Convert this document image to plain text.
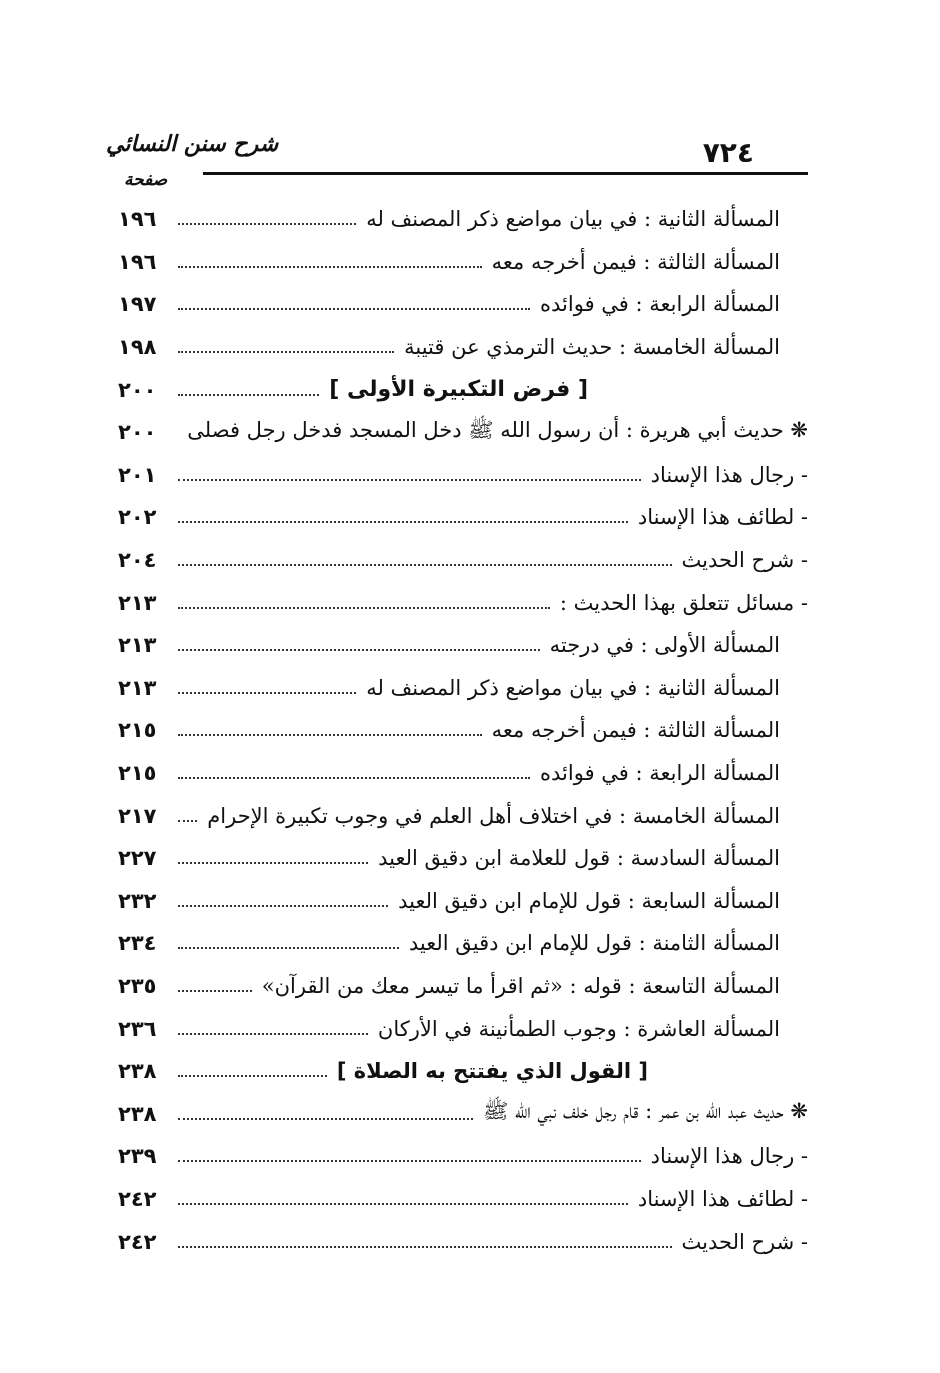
شرح سنن النسائي	٧٢٤
صفحة
المسألة الثانية : في بيان مواضع ذكر المصنف له
١٩٦
المسألة الثالثة : فيمن أخرجه معه
١٩٦
المسألة الرابعة : في فوائده
١٩٧
المسألة الخامسة : حديث الترمذي عن قتيبة
١٩٨
[ فرض التكبيرة الأولى ]
٢٠٠
❋ حديث أبي هريرة : أن رسول الله ﷺ دخل المسجد فدخل رجل فصلى
٢٠٠
- رجال هذا الإسناد
٢٠١
- لطائف هذا الإسناد
٢٠٢
- شرح الحديث
٢٠٤
- مسائل تتعلق بهذا الحديث :
٢١٣
المسألة الأولى : في درجته
٢١٣
المسألة الثانية : في بيان مواضع ذكر المصنف له
٢١٣
المسألة الثالثة : فيمن أخرجه معه
٢١٥
المسألة الرابعة : في فوائده
٢١٥
المسألة الخامسة : في اختلاف أهل العلم في وجوب تكبيرة الإحرام
٢١٧
المسألة السادسة : قول للعلامة ابن دقيق العيد
٢٢٧
المسألة السابعة : قول للإمام ابن دقيق العيد
٢٣٢
المسألة الثامنة : قول للإمام ابن دقيق العيد
٢٣٤
المسألة التاسعة : قوله : «ثم اقرأ ما تيسر معك من القرآن»
٢٣٥
المسألة العاشرة : وجوب الطمأنينة في الأركان
٢٣٦
[ القول الذي يفتتح به الصلاة ]
٢٣٨
❋ حديث عبد الله بن عمر : قام رجل خلف نبي الله ﷺ
٢٣٨
- رجال هذا الإسناد
٢٣٩
- لطائف هذا الإسناد
٢٤٢
- شرح الحديث
٢٤٢
